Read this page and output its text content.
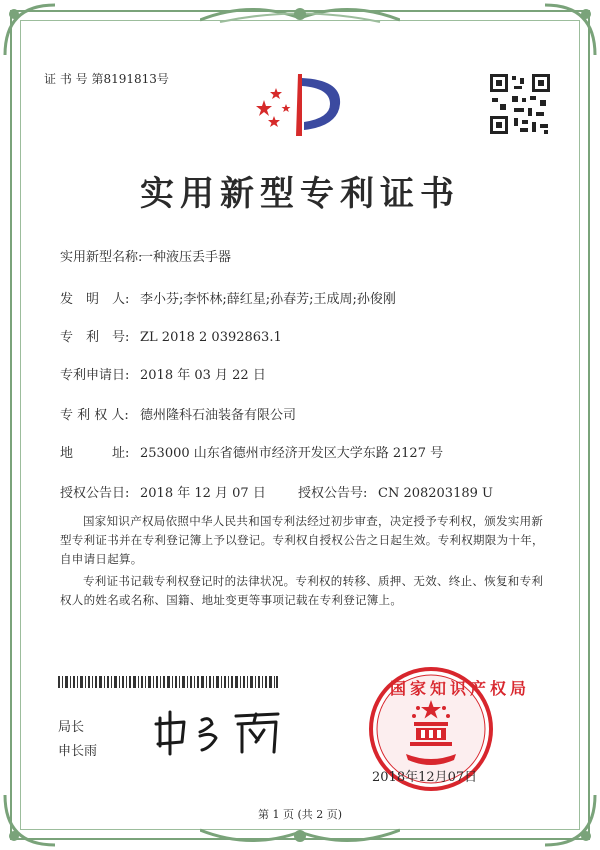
证 书 号 第8191813号
实用新型专利证书
实用新型名称:一种液压丢手器
发　明　人: 李小芬;李怀林;薛红星;孙春芳;王成周;孙俊刚
专　利　号: ZL 2018 2 0392863.1
专利申请日: 2018 年 03 月 22 日
专 利 权 人: 德州隆科石油装备有限公司
地　　　址: 253000 山东省德州市经济开发区大学东路 2127 号
授权公告日: 2018 年 12 月 07 日 授权公告号: CN 208203189 U
国家知识产权局依照中华人民共和国专利法经过初步审查，决定授予专利权，颁发实用新型专利证书并在专利登记簿上予以登记。专利权自授权公告之日起生效。专利权期限为十年，自申请日起算。
专利证书记载专利权登记时的法律状况。专利权的转移、质押、无效、终止、恢复和专利权人的姓名或名称、国籍、地址变更等事项记载在专利登记簿上。
局长
申长雨
国家知识产权局
2018年12月07日
第 1 页 (共 2 页)
